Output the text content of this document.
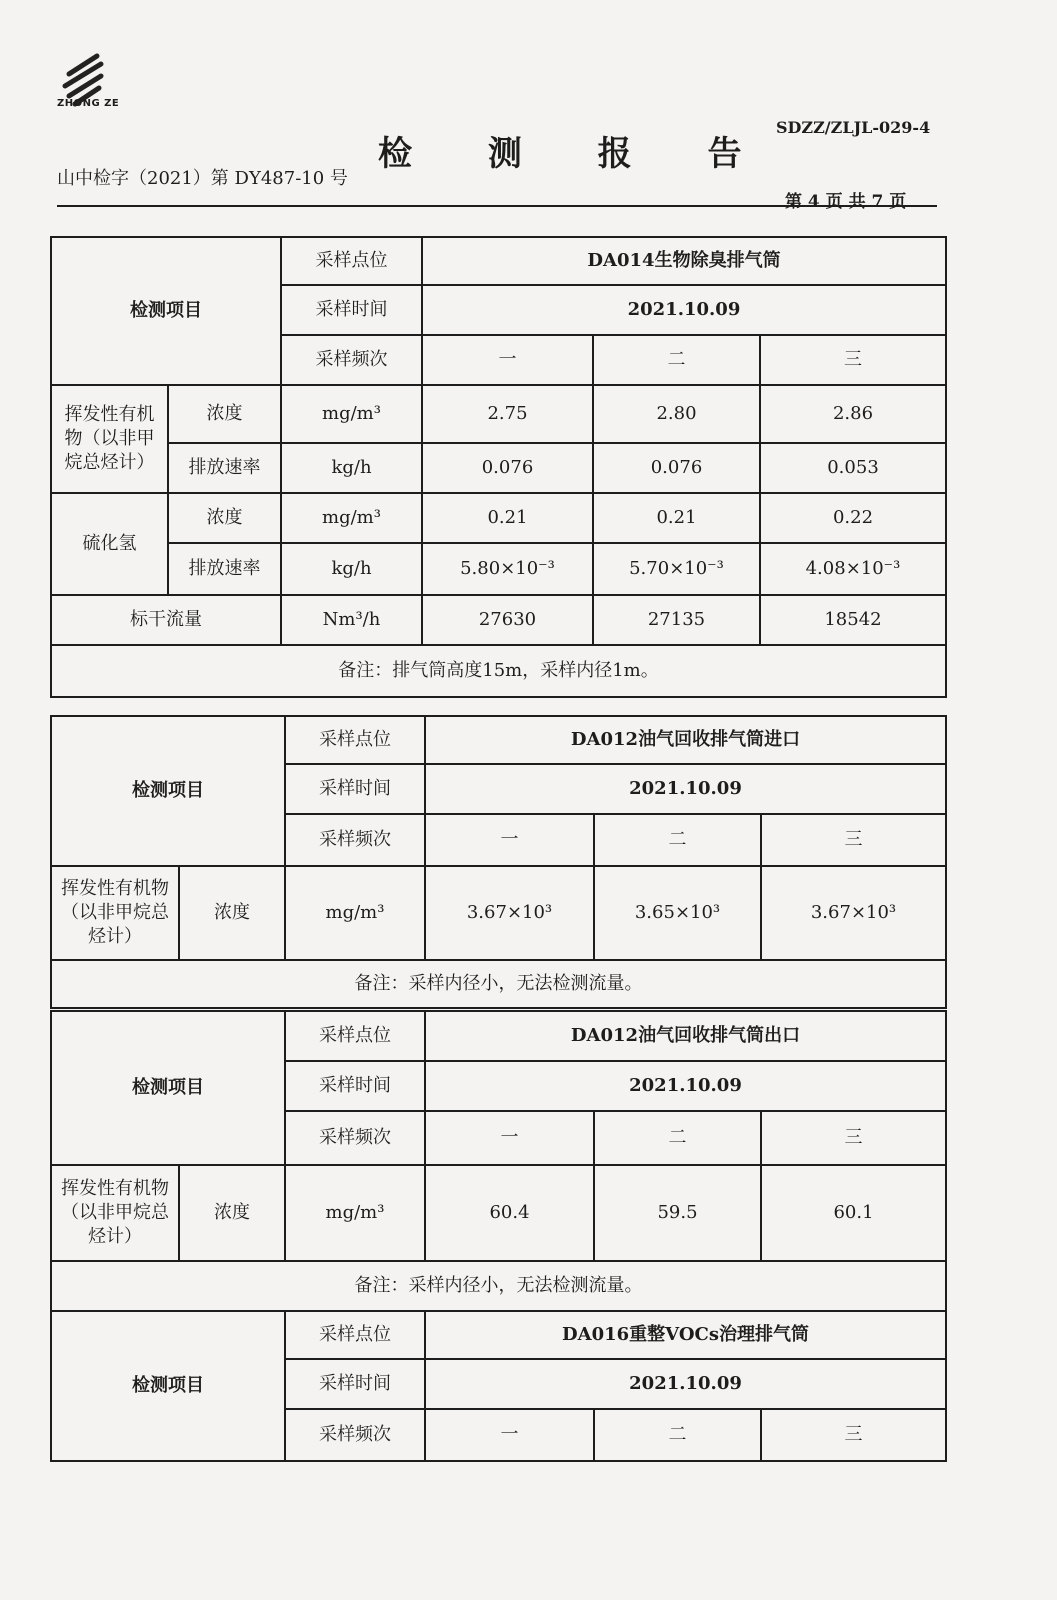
ZHONG ZE
SDZZ/ZLJL-029-4
检 测 报 告
山中检字（2021）第 DY487-10 号
第 4 页 共 7 页
检测项目		采样点位	DA014生物除臭排气筒		
		采样时间	2021.10.09		
		采样频次	一	二	三
挥发性有机物（以非甲烷总烃计）	浓度	mg/m³	2.75	2.80	2.86
	排放速率	kg/h	0.076	0.076	0.053
硫化氢	浓度	mg/m³	0.21	0.21	0.22
	排放速率	kg/h	5.80×10⁻³	5.70×10⁻³	4.08×10⁻³
标干流量		Nm³/h	27630	27135	18542
备注：排气筒高度15m，采样内径1m。					
检测项目		采样点位	DA012油气回收排气筒进口		
		采样时间	2021.10.09		
		采样频次	一	二	三
挥发性有机物（以非甲烷总烃计）	浓度	mg/m³	3.67×10³	3.65×10³	3.67×10³
备注：采样内径小，无法检测流量。					
检测项目		采样点位	DA012油气回收排气筒出口		
		采样时间	2021.10.09		
		采样频次	一	二	三
挥发性有机物（以非甲烷总烃计）	浓度	mg/m³	60.4	59.5	60.1
备注：采样内径小，无法检测流量。					
检测项目	采样点位	DA016重整VOCs治理排气筒		
	采样时间	2021.10.09		
	采样频次	一	二	三
